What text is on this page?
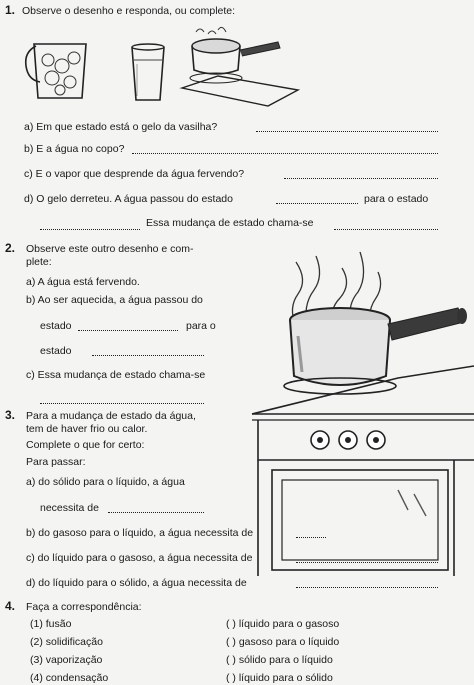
1. Observe o desenho e responda, ou complete:
a) Em que estado está o gelo da vasilha?
b) E a água no copo?
c) E o vapor que desprende da água fervendo?
d) O gelo derreteu. A água passou do estado	para o estado
Essa mudança de estado chama-se
2. Observe este outro desenho e com-
plete:
a) A água está fervendo.
b) Ao ser aquecida, a água passou do
estado	para o
estado
c) Essa mudança de estado chama-se
3. Para a mudança de estado da água,
tem de haver frio ou calor.
Complete o que for certo:
Para passar:
a) do sólido para o líquido, a água
necessita de
b) do gasoso para o líquido, a água necessita de
c) do líquido para o gasoso, a água necessita de
d) do líquido para o sólido, a água necessita de
4. Faça a correspondência:
(1) fusão
(2) solidificação
(3) vaporização
(4) condensação
( ) líquido para o gasoso
( ) gasoso para o líquido
( ) sólido para o líquido
( ) líquido para o sólido
